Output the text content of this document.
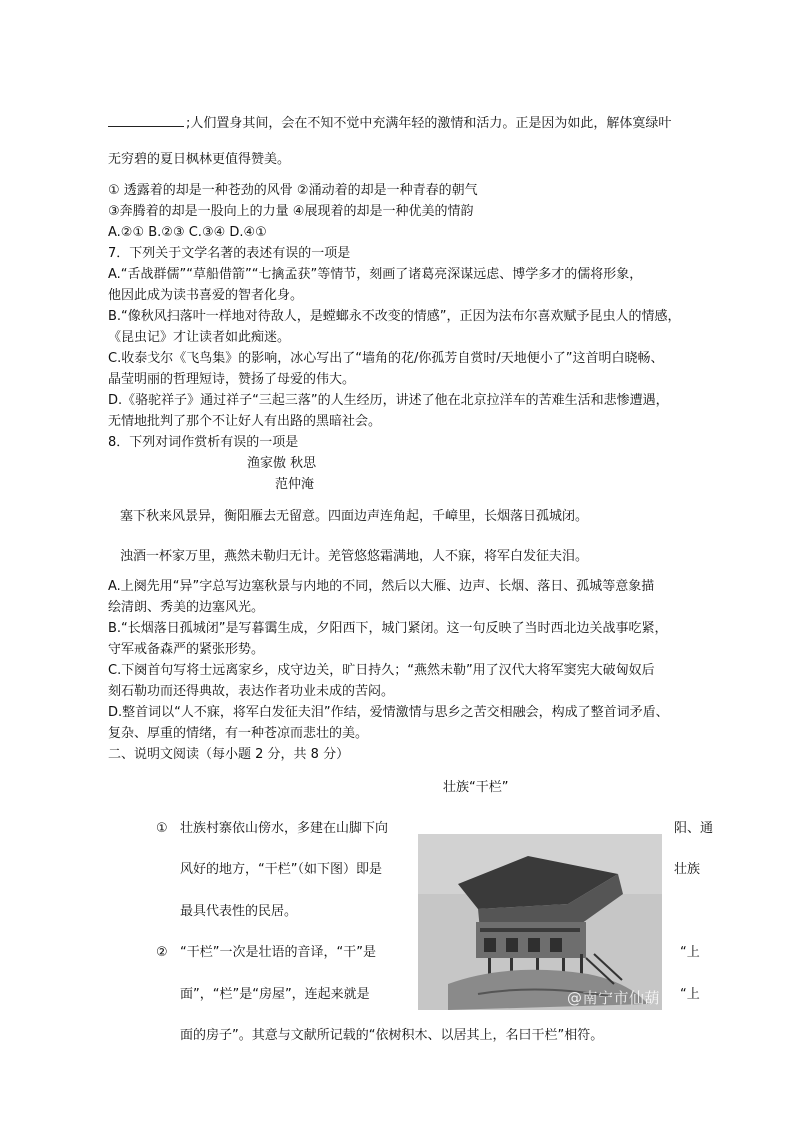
;人们置身其间，会在不知不觉中充满年轻的激情和活力。正是因为如此，解体寞绿叶
无穷碧的夏日枫林更值得赞美。
① 透露着的却是一种苍劲的风骨 ②涌动着的却是一种青春的朝气
③奔腾着的却是一股向上的力量 ④展现着的却是一种优美的情韵
A.②① B.②③ C.③④ D.④①
7．下列关于文学名著的表述有误的一项是
A.“舌战群儒”“草船借箭”“七擒孟获”等情节，刻画了诸葛亮深谋远虑、博学多才的儒将形象，
他因此成为读书喜爱的智者化身。
B.“像秋风扫落叶一样地对待敌人，是螳螂永不改变的情感”，正因为法布尔喜欢赋予昆虫人的情感，
《昆虫记》才让读者如此痴迷。
C.收泰戈尔《飞鸟集》的影响，冰心写出了“墙角的花/你孤芳自赏时/天地便小了”这首明白晓畅、
晶莹明丽的哲理短诗，赞扬了母爱的伟大。
D.《骆驼祥子》通过祥子“三起三落”的人生经历，讲述了他在北京拉洋车的苦难生活和悲惨遭遇，
无情地批判了那个不让好人有出路的黑暗社会。
8．下列对词作赏析有误的一项是
渔家傲 秋思
范仲淹
塞下秋来风景异，衡阳雁去无留意。四面边声连角起，千嶂里，长烟落日孤城闭。
浊酒一杯家万里，燕然未勒归无计。羌管悠悠霜满地，人不寐，将军白发征夫泪。
A.上阕先用“异”字总写边塞秋景与内地的不同，然后以大雁、边声、长烟、落日、孤城等意象描
绘清朗、秀美的边塞风光。
B.“长烟落日孤城闭”是写暮霭生成，夕阳西下，城门紧闭。这一句反映了当时西北边关战事吃紧，
守军戒备森严的紧张形势。
C.下阕首句写将士远离家乡，戍守边关，旷日持久；“燕然未勒”用了汉代大将军窦宪大破匈奴后
刻石勒功而还得典故，表达作者功业未成的苦闷。
D.整首词以“人不寐，将军白发征夫泪”作结，爱情激情与思乡之苦交相融会，构成了整首词矛盾、
复杂、厚重的情绪，有一种苍凉而悲壮的美。
二、说明文阅读（每小题 2 分，共 8 分）
壮族“干栏”
① 壮族村寨依山傍水，多建在山脚下向	阳、通
风好的地方，“干栏”（如下图）即是	壮族
最具代表性的民居。
② “干栏”一次是壮语的音译，“干”是	“上
面”，“栏”是“房屋”，连起来就是	“上
面的房子”。其意与文献所记载的“依树积木、以居其上，名曰干栏”相符。
@南宁市仙葫
